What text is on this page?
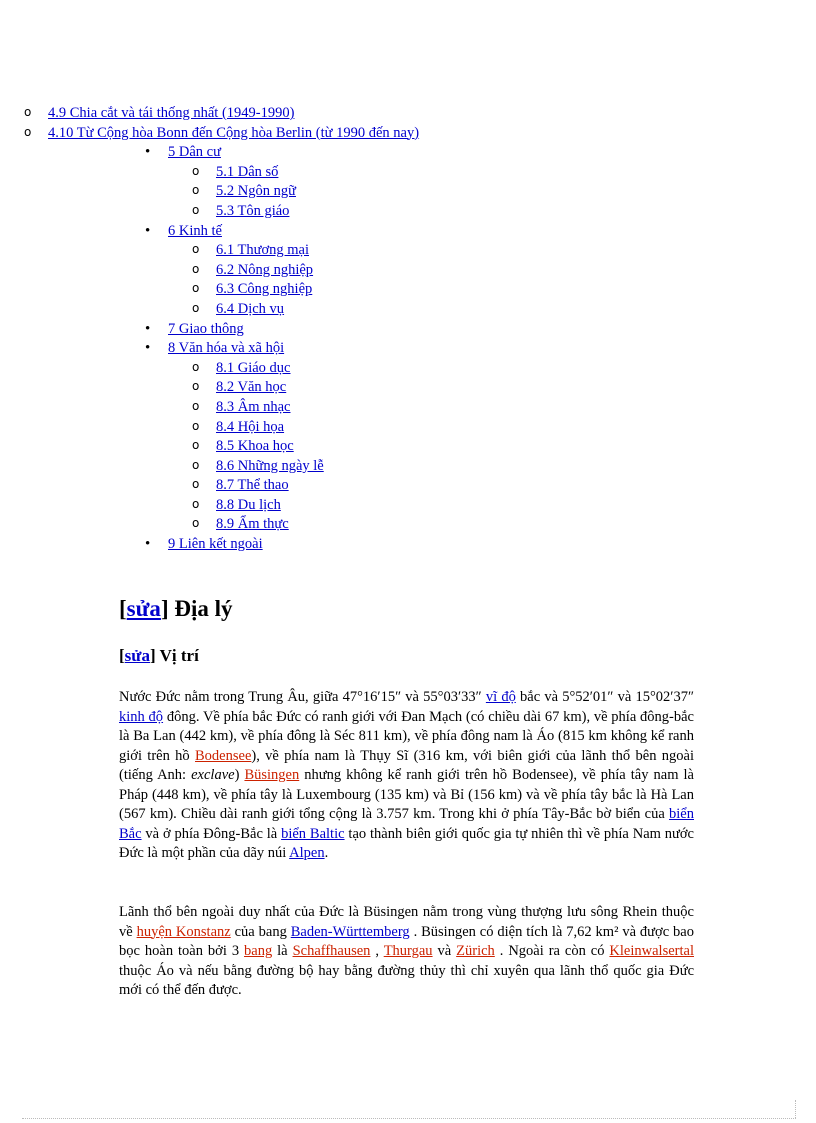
o 4.9 Chia cắt và tái thống nhất (1949-1990)
o 4.10 Từ Cộng hòa Bonn đến Cộng hòa Berlin (từ 1990 đến nay)
• 5 Dân cư
o 5.1 Dân số
o 5.2 Ngôn ngữ
o 5.3 Tôn giáo
• 6 Kinh tế
o 6.1 Thương mại
o 6.2 Nông nghiệp
o 6.3 Công nghiệp
o 6.4 Dịch vụ
• 7 Giao thông
• 8 Văn hóa và xã hội
o 8.1 Giáo dục
o 8.2 Văn học
o 8.3 Âm nhạc
o 8.4 Hội họa
o 8.5 Khoa học
o 8.6 Những ngày lễ
o 8.7 Thể thao
o 8.8 Du lịch
o 8.9 Ẩm thực
• 9 Liên kết ngoài
[sửa] Địa lý
[sửa] Vị trí

Nước Đức nằm trong Trung Âu, giữa 47°16′15″ và 55°03′33″ vĩ độ bắc và 5°52′01″ và 15°02′37″ kinh độ đông. Về phía bắc Đức có ranh giới với Đan Mạch (có chiều dài 67 km), về phía đông-bắc là Ba Lan (442 km), về phía đông là Séc 811 km), về phía đông nam là Áo (815 km không kể ranh giới trên hồ Bodensee), về phía nam là Thụy Sĩ (316 km, với biên giới của lãnh thổ bên ngoài (tiếng Anh: exclave) Büsingen nhưng không kể ranh giới trên hồ Bodensee), về phía tây nam là Pháp (448 km), về phía tây là Luxembourg (135 km) và Bỉ (156 km) và về phía tây bắc là Hà Lan (567 km). Chiều dài ranh giới tổng cộng là 3.757 km. Trong khi ở phía Tây-Bắc bờ biển của biển Bắc và ở phía Đông-Bắc là biển Baltic tạo thành biên giới quốc gia tự nhiên thì về phía Nam nước Đức là một phần của dãy núi Alpen.

Lãnh thổ bên ngoài duy nhất của Đức là Büsingen nằm trong vùng thượng lưu sông Rhein thuộc về huyện Konstanz của bang Baden-Württemberg . Büsingen có diện tích là 7,62 km² và được bao bọc hoàn toàn bởi 3 bang là Schaffhausen , Thurgau và Zürich . Ngoài ra còn có Kleinwalsertal thuộc Áo và nếu bằng đường bộ hay bằng đường thủy thì chỉ xuyên qua lãnh thổ quốc gia Đức mới có thể đến được.
